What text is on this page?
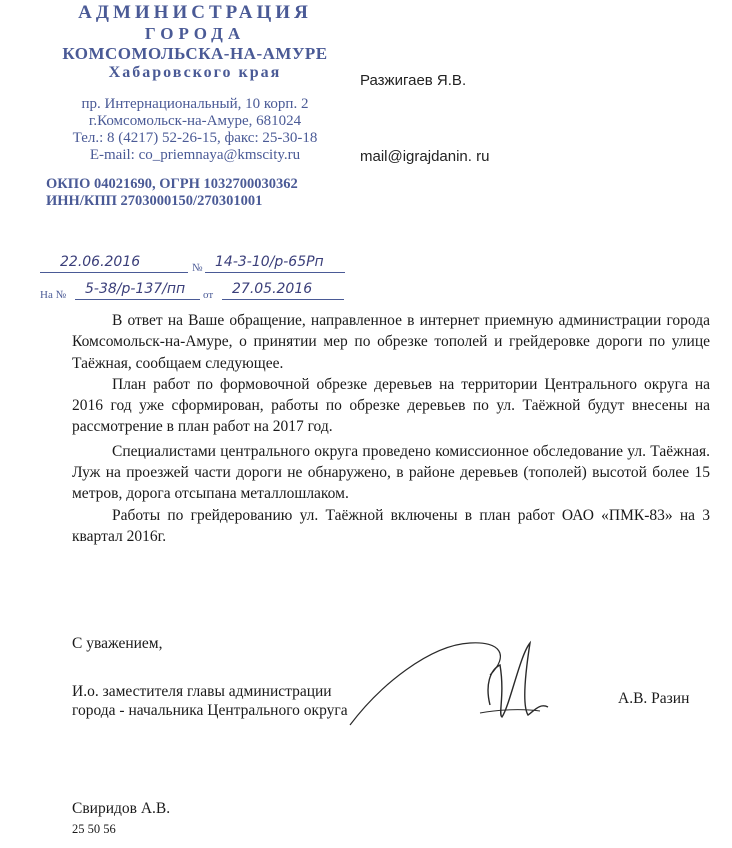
АДМИНИСТРАЦИЯ
ГОРОДА
КОМСОМОЛЬСКА-НА-АМУРЕ
Хабаровского края
пр. Интернациональный, 10 корп. 2
г.Комсомольск-на-Амуре, 681024
Тел.: 8 (4217) 52-26-15, факс: 25-30-18
E-mail: co_priemnaya@kmscity.ru
ОКПО 04021690, ОГРН 1032700030362
ИНН/КПП 2703000150/270301001
22.06.2016	№ 14-3-10/р-65Рп
На № 5-38/р-137/пп от 27.05.2016
Разжигаев Я.В.
mail@igrajdanin. ru

В ответ на Ваше обращение, направленное в интернет приемную администрации города Комсомольск-на-Амуре, о принятии мер по обрезке тополей и грейдеровке дороги по улице Таёжная, сообщаем следующее.

План работ по формовочной обрезке деревьев на территории Центрального округа на 2016 год уже сформирован, работы по обрезке деревьев по ул. Таёжной будут внесены на рассмотрение в план работ на 2017 год.

Специалистами центрального округа проведено комиссионное обследование ул. Таёжная. Луж на проезжей части дороги не обнаружено, в районе деревьев (тополей) высотой более 15 метров, дорога отсыпана металлошлаком.

Работы по грейдерованию ул. Таёжной включены в план работ ОАО «ПМК-83» на 3 квартал 2016г.

С уважением,
И.о. заместителя главы администрации
города - начальника Центрального округа
А.В. Разин
Свиридов А.В.
25 50 56
